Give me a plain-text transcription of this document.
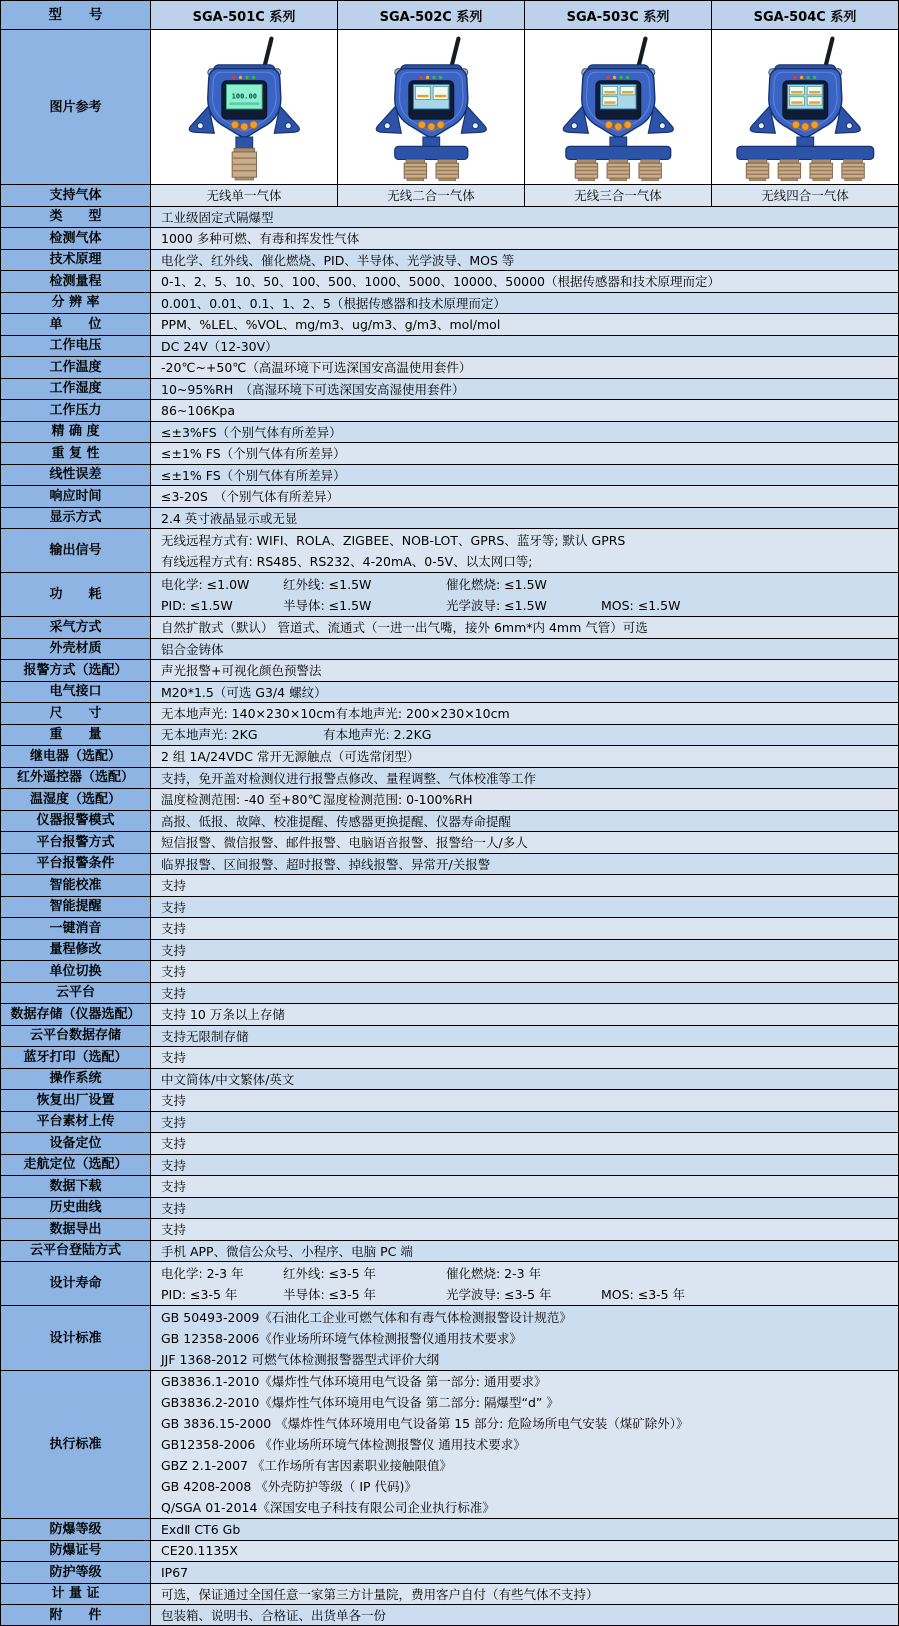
型　　号	SGA-501C 系列	SGA-502C 系列	SGA-503C 系列	SGA-504C 系列
图片参考
100.00
支持气体	无线单一气体	无线二合一气体	无线三合一气体	无线四合一气体
类　　型	工业级固定式隔爆型
检测气体	1000 多种可燃、有毒和挥发性气体
技术原理	电化学、红外线、催化燃烧、PID、半导体、光学波导、MOS 等
检测量程	0-1、2、5、10、50、100、500、1000、5000、10000、50000（根据传感器和技术原理而定）
分 辨 率	0.001、0.01、0.1、1、2、5（根据传感器和技术原理而定）
单　　位	PPM、%LEL、%VOL、mg/m3、ug/m3、g/m3、mol/mol
工作电压	DC 24V（12-30V）
工作温度	-20℃~+50℃（高温环境下可选深国安高温使用套件）
工作湿度	10~95%RH　（高湿环境下可选深国安高湿使用套件）
工作压力	86~106Kpa
精 确 度	≤±3%FS（个别气体有所差异）
重 复 性	≤±1% FS（个别气体有所差异）
线性误差	≤±1% FS（个别气体有所差异）
响应时间	≤3-20S　（个别气体有所差异）
显示方式	2.4 英寸液晶显示或无显
输出信号
无线远程方式有: WIFI、ROLA、ZIGBEE、NOB-LOT、GPRS、蓝牙等; 默认 GPRS
有线远程方式有: RS485、RS232、4-20mA、0-5V、以太网口等;
功　　耗
电化学: ≤1.0W	红外线: ≤1.5W	催化燃烧: ≤1.5W
PID: ≤1.5W	半导体: ≤1.5W	光学波导: ≤1.5W	MOS: ≤1.5W
采气方式	自然扩散式（默认） 管道式、流通式（一进一出气嘴，接外 6mm*内 4mm 气管）可选
外壳材质	铝合金铸体
报警方式（选配）	声光报警+可视化颜色预警法
电气接口	M20*1.5（可选 G3/4 螺纹）
尺　　寸	无本地声光: 140×230×10cm 有本地声光: 200×230×10cm
重　　量	无本地声光: 2KG	有本地声光: 2.2KG
继电器（选配）	2 组 1A/24VDC 常开无源触点（可选常闭型）
红外遥控器（选配）	支持，免开盖对检测仪进行报警点修改、量程调整、气体校准等工作
温湿度（选配）	温度检测范围: -40 至+80℃ 湿度检测范围: 0-100%RH
仪器报警模式	高报、低报、故障、校准提醒、传感器更换提醒、仪器寿命提醒
平台报警方式	短信报警、微信报警、邮件报警、电脑语音报警、报警给一人/多人
平台报警条件	临界报警、区间报警、超时报警、掉线报警、异常开/关报警
智能校准	支持
智能提醒	支持
一键消音	支持
量程修改	支持
单位切换	支持
云平台	支持
数据存储（仪器选配）	支持 10 万条以上存储
云平台数据存储	支持无限制存储
蓝牙打印（选配）	支持
操作系统	中文简体/中文繁体/英文
恢复出厂设置	支持
平台素材上传	支持
设备定位	支持
走航定位（选配）	支持
数据下载	支持
历史曲线	支持
数据导出	支持
云平台登陆方式	手机 APP、微信公众号、小程序、电脑 PC 端
设计寿命
电化学: 2-3 年	红外线: ≤3-5 年	催化燃烧: 2-3 年
PID: ≤3-5 年	半导体: ≤3-5 年	光学波导: ≤3-5 年	MOS: ≤3-5 年
设计标准
GB 50493-2009《石油化工企业可燃气体和有毒气体检测报警设计规范》
GB 12358-2006《作业场所环境气体检测报警仪通用技术要求》
JJF 1368-2012 可燃气体检测报警器型式评价大纲
执行标准
GB3836.1-2010《爆炸性气体环境用电气设备 第一部分: 通用要求》
GB3836.2-2010《爆炸性气体环境用电气设备 第二部分: 隔爆型“d” 》
GB 3836.15-2000 《爆炸性气体环境用电气设备第 15 部分: 危险场所电气安装（煤矿除外）》
GB12358-2006 《作业场所环境气体检测报警仪 通用技术要求》
GBZ 2.1-2007 《工作场所有害因素职业接触限值》
GB 4208-2008 《外壳防护等级（ IP 代码)》
Q/SGA 01-2014《深国安电子科技有限公司企业执行标准》
防爆等级	ExdⅡ CT6 Gb
防爆证号	CE20.1135X
防护等级	IP67
计 量 证	可选，保证通过全国任意一家第三方计量院，费用客户自付（有些气体不支持）
附　　件	包装箱、说明书、合格证、出货单各一份
